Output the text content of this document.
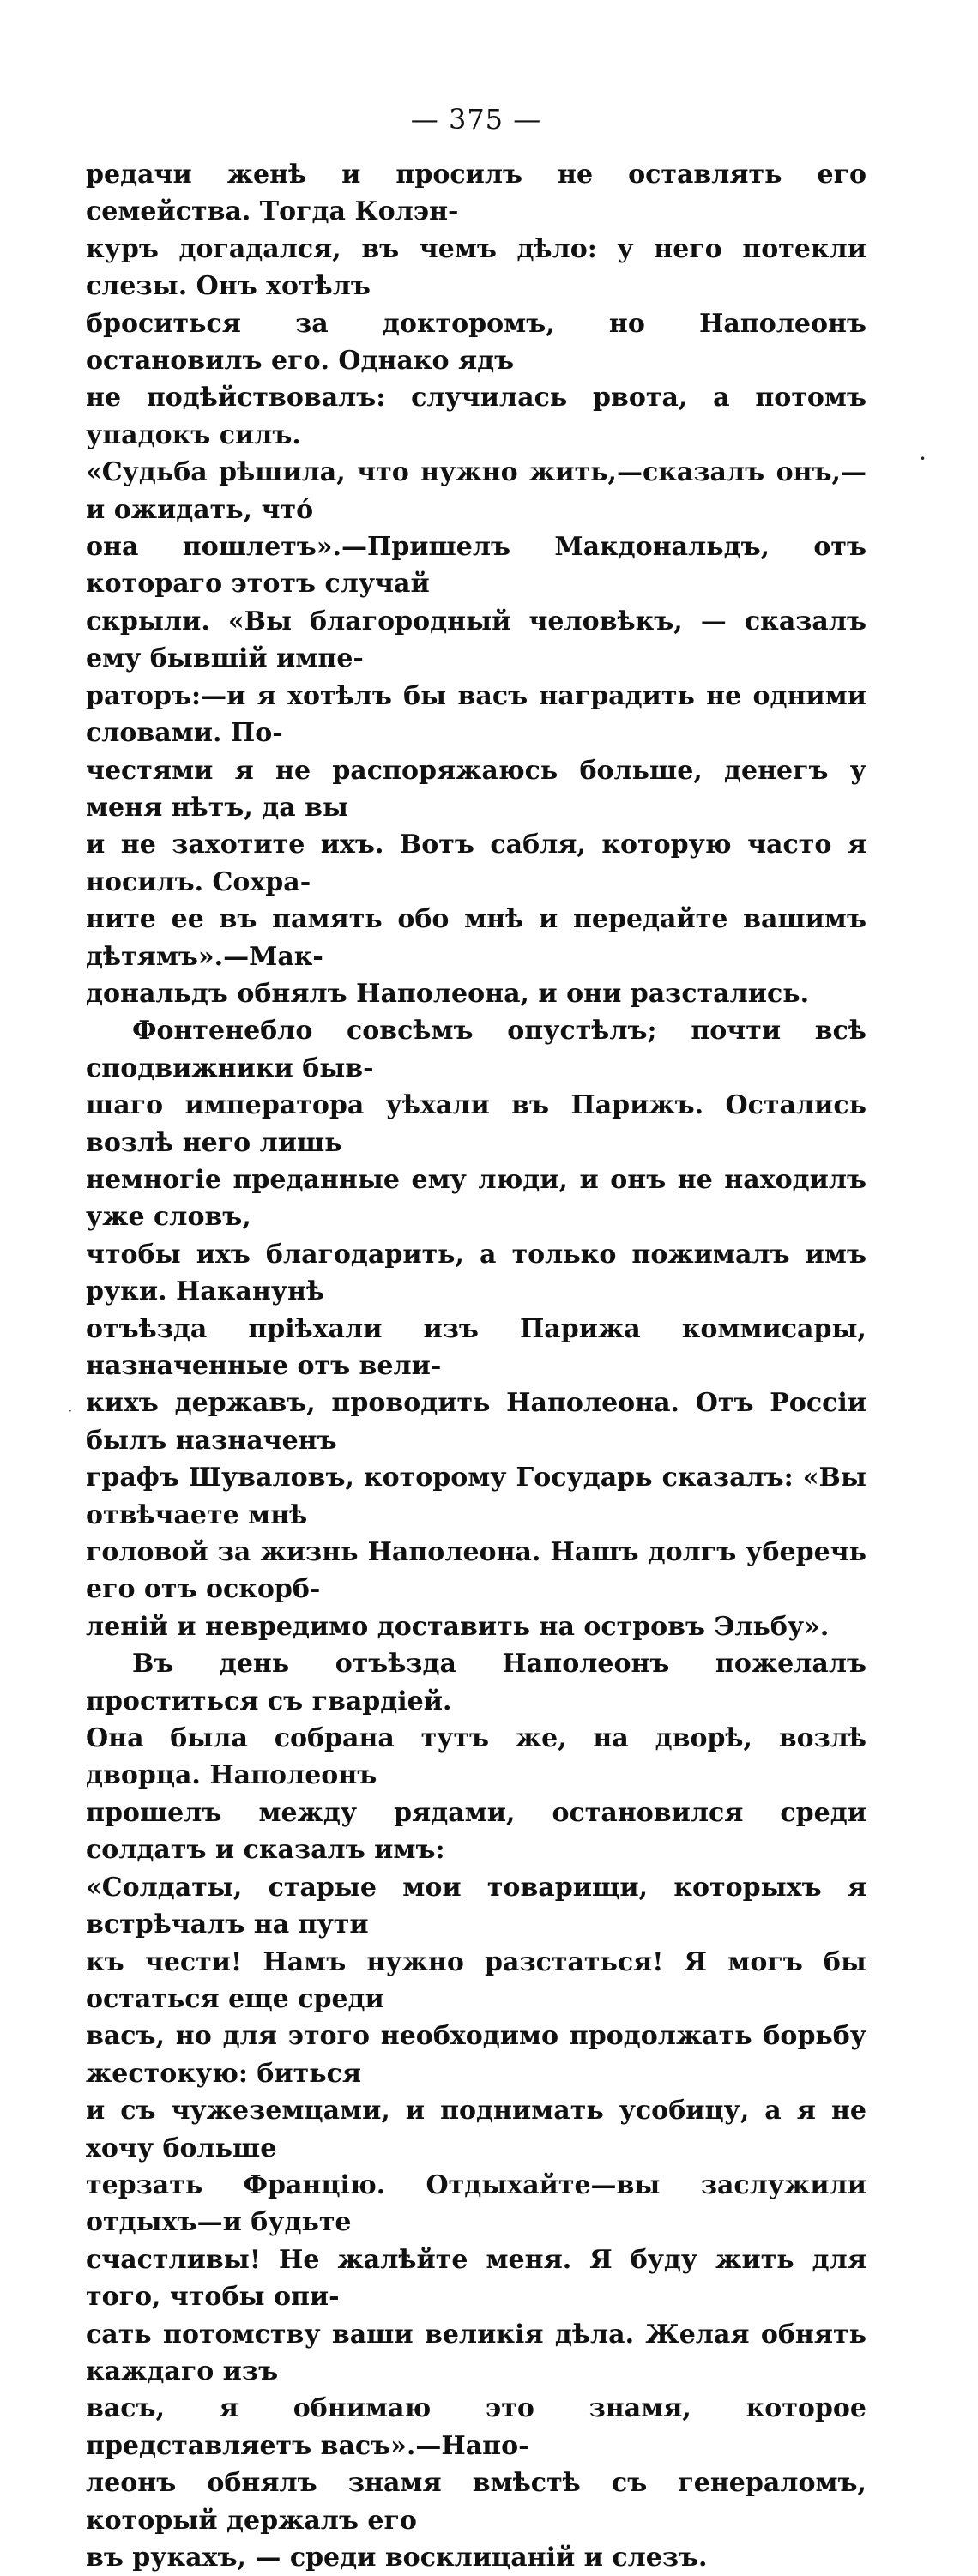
— 375 —

редачи женѣ и просилъ не оставлять его семейства. Тогда Колэн-
куръ догадался, въ чемъ дѣло: у него потекли слезы. Онъ хотѣлъ
броситься за докторомъ, но Наполеонъ остановилъ его. Однако ядъ
не подѣйствовалъ: случилась рвота, а потомъ упадокъ силъ.
«Судьба рѣшила, что нужно жить,—сказалъ онъ,—и ожидать, что́
она пошлетъ».—Пришелъ Макдональдъ, отъ котораго этотъ случай
скрыли. «Вы благородный человѣкъ, — сказалъ ему бывшій импе-
раторъ:—и я хотѣлъ бы васъ наградить не одними словами. По-
честями я не распоряжаюсь больше, денегъ у меня нѣтъ, да вы
и не захотите ихъ. Вотъ сабля, которую часто я носилъ. Сохра-
ните ее въ память обо мнѣ и передайте вашимъ дѣтямъ».—Мак-
дональдъ обнялъ Наполеона, и они разстались.

Фонтенебло совсѣмъ опустѣлъ; почти всѣ сподвижники быв-
шаго императора уѣхали въ Парижъ. Остались возлѣ него лишь
немногіе преданные ему люди, и онъ не находилъ уже словъ,
чтобы ихъ благодарить, а только пожималъ имъ руки. Наканунѣ
отъѣзда пріѣхали изъ Парижа коммисары, назначенные отъ вели-
кихъ державъ, проводить Наполеона. Отъ Россіи былъ назначенъ
графъ Шуваловъ, которому Государь сказалъ: «Вы отвѣчаете мнѣ
головой за жизнь Наполеона. Нашъ долгъ уберечь его отъ оскорб-
леній и невредимо доставить на островъ Эльбу».

Въ день отъѣзда Наполеонъ пожелалъ проститься съ гвардіей.
Она была собрана тутъ же, на дворѣ, возлѣ дворца. Наполеонъ
прошелъ между рядами, остановился среди солдатъ и сказалъ имъ:
«Солдаты, старые мои товарищи, которыхъ я встрѣчалъ на пути
къ чести! Намъ нужно разстаться! Я могъ бы остаться еще среди
васъ, но для этого необходимо продолжать борьбу жестокую: биться
и съ чужеземцами, и поднимать усобицу, а я не хочу больше
терзать Францію. Отдыхайте—вы заслужили отдыхъ—и будьте
счастливы! Не жалѣйте меня. Я буду жить для того, чтобы опи-
сать потомству ваши великія дѣла. Желая обнять каждаго изъ
васъ, я обнимаю это знамя, которое представляетъ васъ».—Напо-
леонъ обнялъ знамя вмѣстѣ съ генераломъ, который держалъ его
въ рукахъ, — среди восклицаній и слезъ.

•
·
